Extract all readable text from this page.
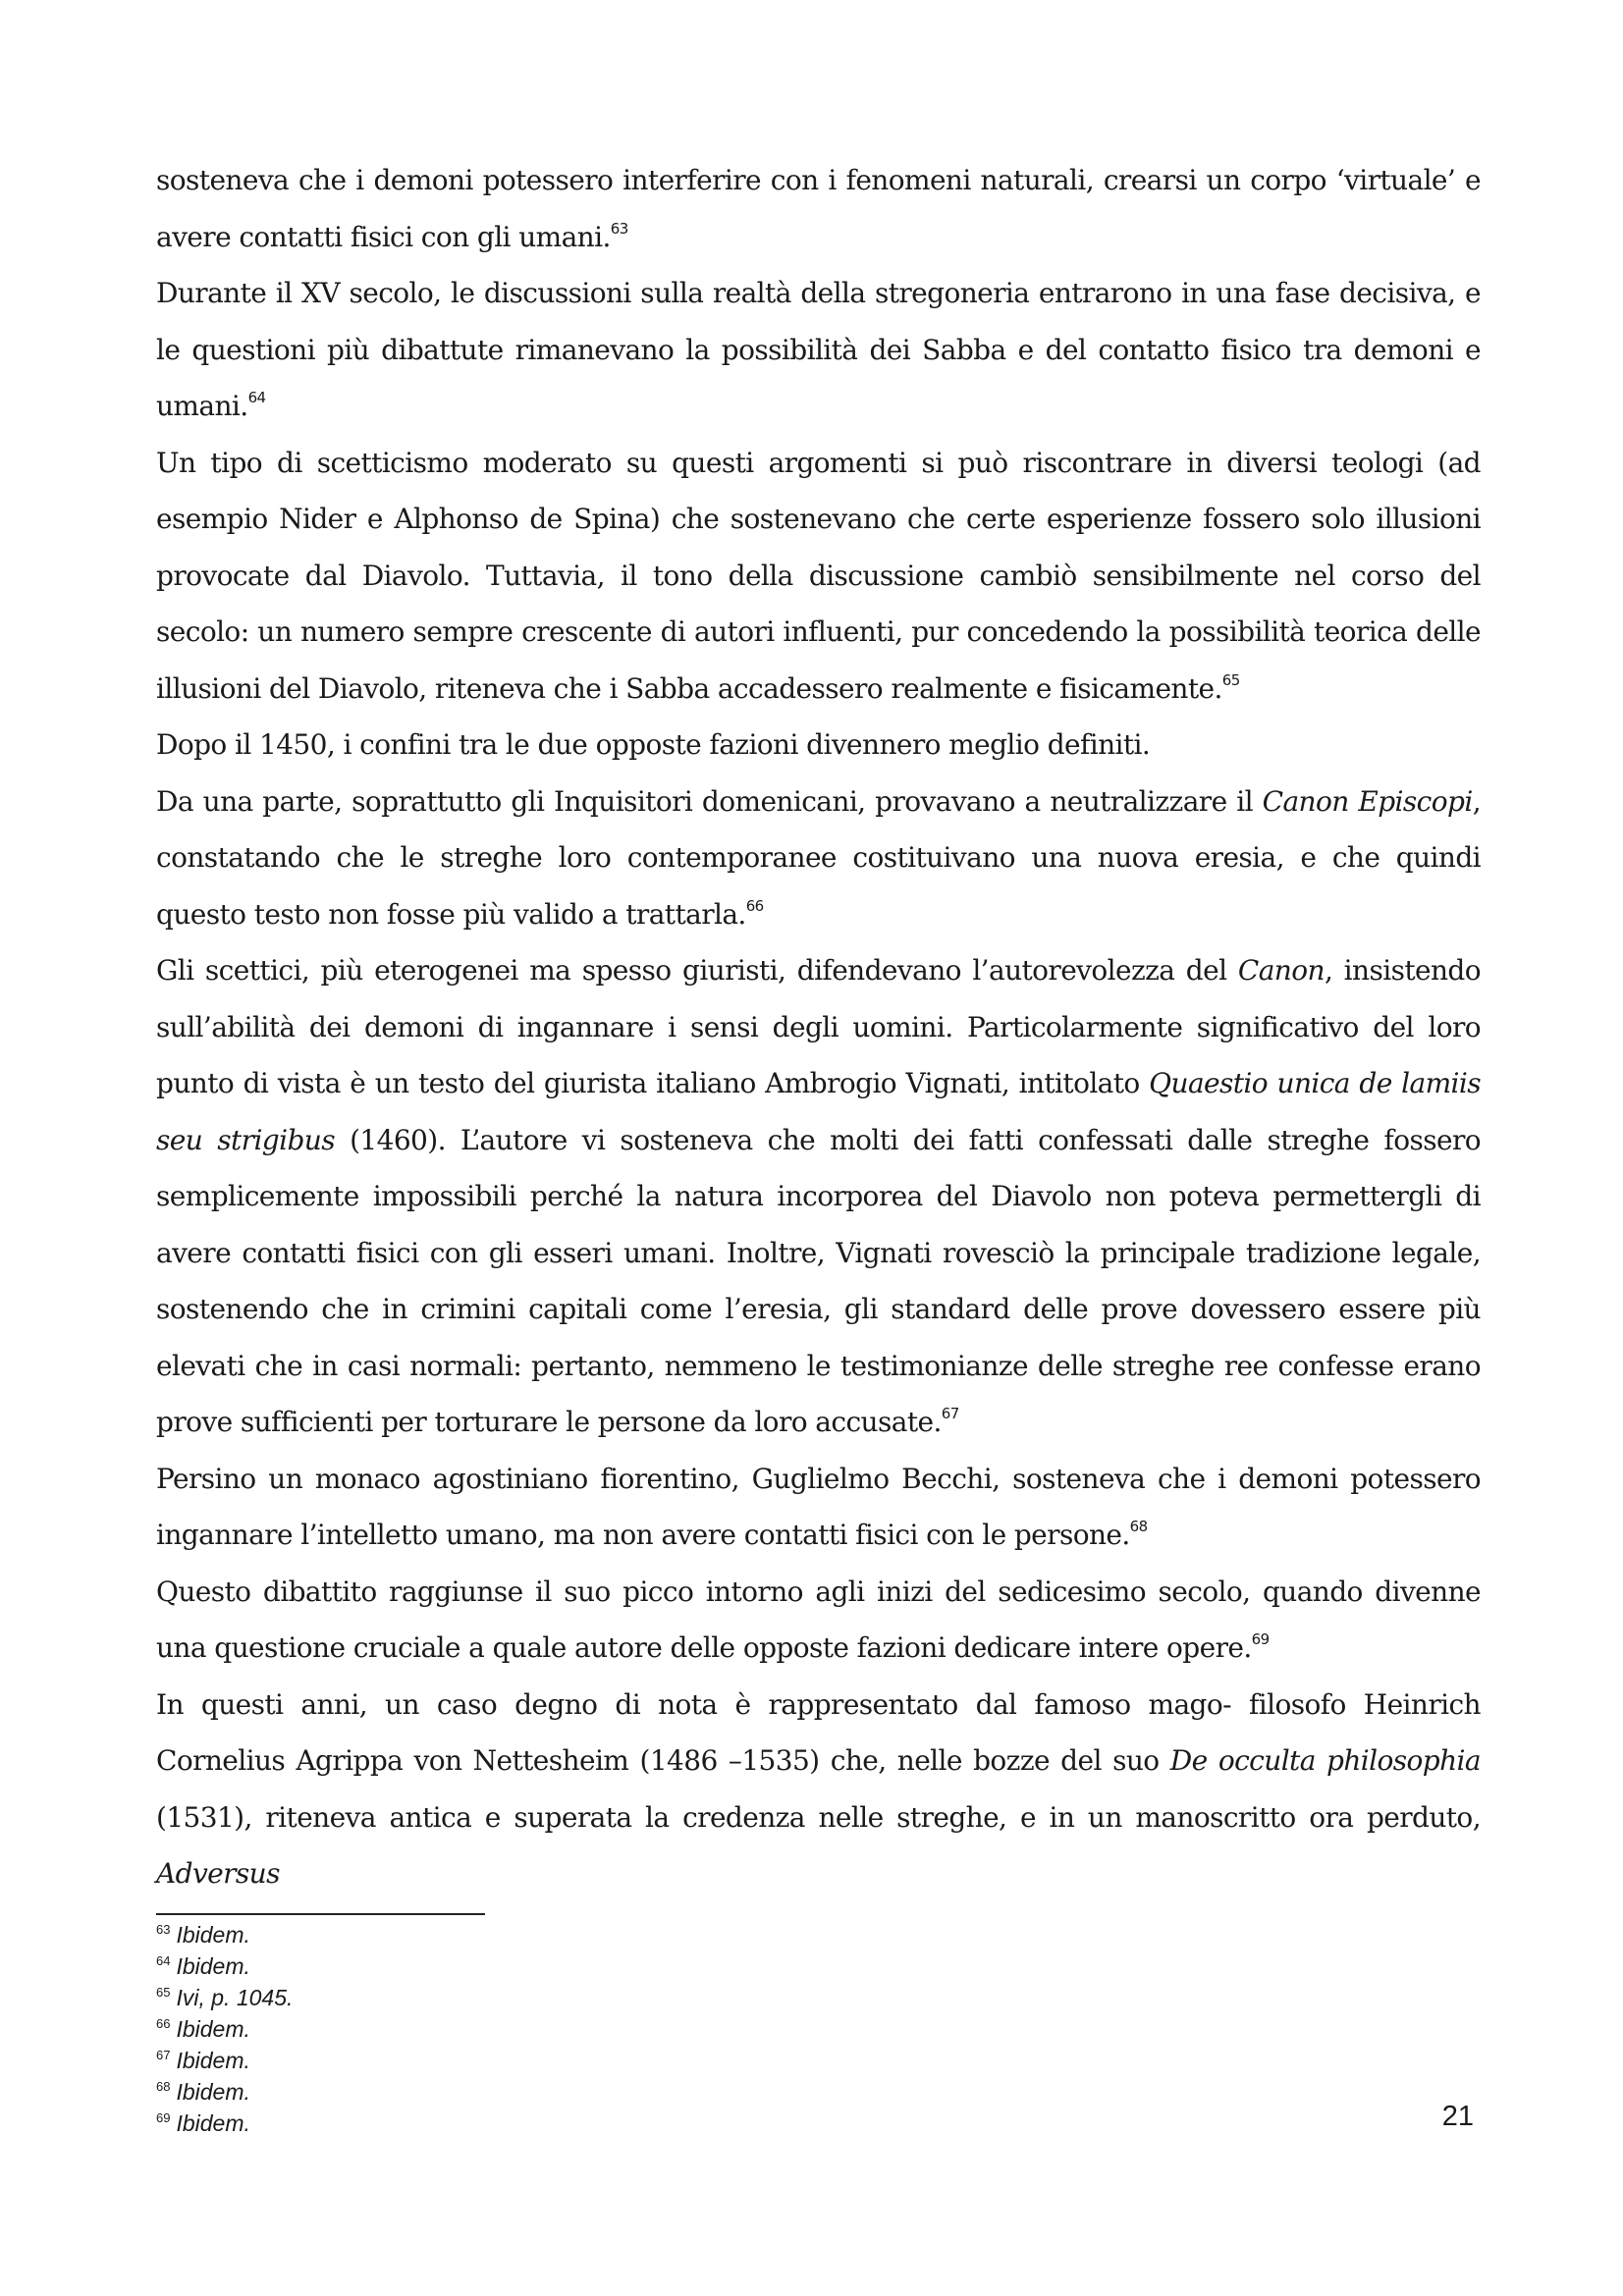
sosteneva che i demoni potessero interferire con i fenomeni naturali, crearsi un corpo ‘virtuale’ e avere contatti fisici con gli umani.$^{63}$

Durante il XV secolo, le discussioni sulla realtà della stregoneria entrarono in una fase decisiva, e le questioni più dibattute rimanevano la possibilità dei Sabba e del contatto fisico tra demoni e umani.$^{64}$

Un tipo di scetticismo moderato su questi argomenti si può riscontrare in diversi teologi (ad esempio Nider e Alphonso de Spina) che sostenevano che certe esperienze fossero solo illusioni provocate dal Diavolo. Tuttavia, il tono della discussione cambiò sensibilmente nel corso del secolo: un numero sempre crescente di autori influenti, pur concedendo la possibilità teorica delle illusioni del Diavolo, riteneva che i Sabba accadessero realmente e fisicamente.$^{65}$

Dopo il 1450, i confini tra le due opposte fazioni divennero meglio definiti.

Da una parte, soprattutto gli Inquisitori domenicani, provavano a neutralizzare il Canon Episcopi, constatando che le streghe loro contemporanee costituivano una nuova eresia, e che quindi questo testo non fosse più valido a trattarla.$^{66}$

Gli scettici, più eterogenei ma spesso giuristi, difendevano l’autorevolezza del Canon, insistendo sull’abilità dei demoni di ingannare i sensi degli uomini. Particolarmente significativo del loro punto di vista è un testo del giurista italiano Ambrogio Vignati, intitolato Quaestio unica de lamiis seu strigibus (1460). L’autore vi sosteneva che molti dei fatti confessati dalle streghe fossero semplicemente impossibili perché la natura incorporea del Diavolo non poteva permettergli di avere contatti fisici con gli esseri umani. Inoltre, Vignati rovesciò la principale tradizione legale, sostenendo che in crimini capitali come l’eresia, gli standard delle prove dovessero essere più elevati che in casi normali: pertanto, nemmeno le testimonianze delle streghe ree confesse erano prove sufficienti per torturare le persone da loro accusate.$^{67}$

Persino un monaco agostiniano fiorentino, Guglielmo Becchi, sosteneva che i demoni potessero ingannare l’intelletto umano, ma non avere contatti fisici con le persone.$^{68}$

Questo dibattito raggiunse il suo picco intorno agli inizi del sedicesimo secolo, quando divenne una questione cruciale a quale autore delle opposte fazioni dedicare intere opere.$^{69}$

In questi anni, un caso degno di nota è rappresentato dal famoso mago- filosofo Heinrich Cornelius Agrippa von Nettesheim (1486 –1535) che, nelle bozze del suo De occulta philosophia (1531), riteneva antica e superata la credenza nelle streghe, e in un manoscritto ora perduto, Adversus

$^{63}$ Ibidem.
$^{64}$ Ibidem.
$^{65}$ Ivi, p. 1045.
$^{66}$ Ibidem.
$^{67}$ Ibidem.
$^{68}$ Ibidem.
$^{69}$ Ibidem.	21
